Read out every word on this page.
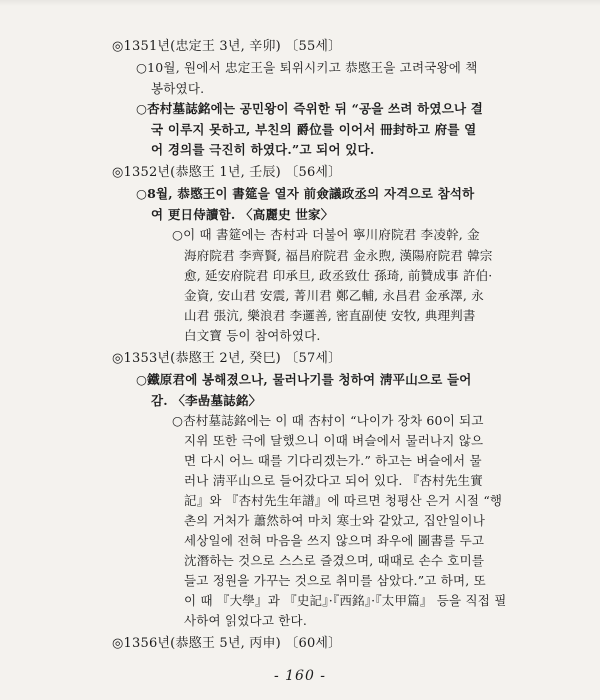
◎1351년(忠定王 3년, 辛卯) 〔55세〕
○10월, 원에서 忠定王을 퇴위시키고 恭愍王을 고려국왕에 책
봉하였다.
○杏村墓誌銘에는 공민왕이 즉위한 뒤 “공을 쓰려 하였으나 결
국 이루지 못하고, 부친의 爵位를 이어서 冊封하고 府를 열
어 경의를 극진히 하였다.”고 되어 있다.
◎1352년(恭愍王 1년, 壬辰) 〔56세〕
○8월, 恭愍王이 書筵을 열자 前僉議政丞의 자격으로 참석하
여 更日侍讀함. 〈高麗史 世家〉
○이 때 書筵에는 杏村과 더불어 寧川府院君 李凌幹, 金
海府院君 李齊賢, 福昌府院君 金永煦, 漢陽府院君 韓宗
愈, 延安府院君 印承旦, 政丞致仕 孫琦, 前贊成事 許伯·
金資, 安山君 安震, 菁川君 鄭乙輔, 永昌君 金承澤, 永
山君 張沆, 樂浪君 李邏善, 密直副使 安牧, 典理判書
白文寶 등이 참여하였다.
◎1353년(恭愍王 2년, 癸巳) 〔57세〕
○鐵原君에 봉해졌으나, 물러나기를 청하여 淸平山으로 들어
감. 〈李嵒墓誌銘〉
○杏村墓誌銘에는 이 때 杏村이 “나이가 장차 60이 되고
지위 또한 극에 달했으니 이때 벼슬에서 물러나지 않으
면 다시 어느 때를 기다리겠는가.” 하고는 벼슬에서 물
러나 淸平山으로 들어갔다고 되어 있다. 『杏村先生實
記』와 『杏村先生年譜』에 따르면 청평산 은거 시절 “행
촌의 거처가 蕭然하여 마치 寒士와 같았고, 집안일이나
세상일에 전혀 마음을 쓰지 않으며 좌우에 圖書를 두고
沈潛하는 것으로 스스로 즐겼으며, 때때로 손수 호미를
들고 정원을 가꾸는 것으로 취미를 삼았다.”고 하며, 또
이 때 『大學』과 『史記』·『西銘』·『太甲篇』 등을 직접 필
사하여 읽었다고 한다.
◎1356년(恭愍王 5년, 丙申) 〔60세〕
- 160 -
